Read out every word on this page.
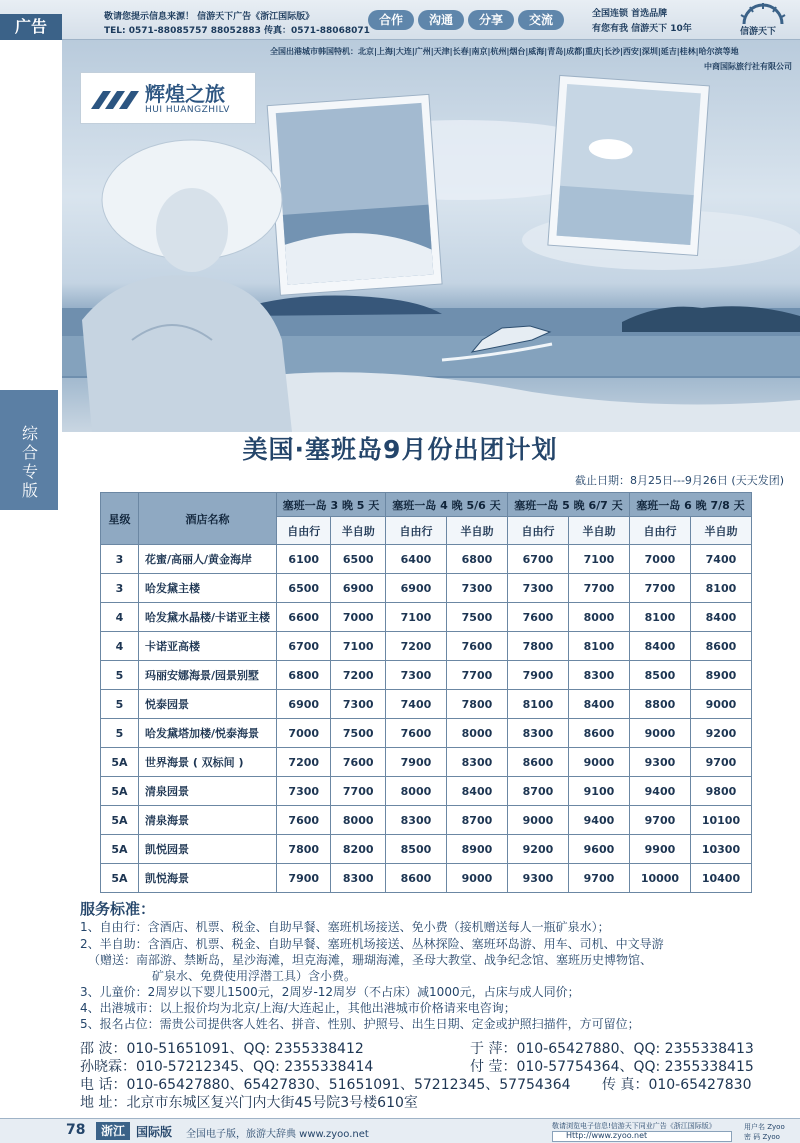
广告	敬请您提示信息来源！ 信游天下广告《浙江国际版》
TEL: 0571-88085757 88052883 传真：0571-88068071
合作	沟通	分享	交流	全国连锁 首选品牌
有您有我 信游天下 10年	信游天下
全国出港城市韩国特机：北京|上海|大连|广州|天津|长春|南京|杭州|烟台|威海|青岛|成都|重庆|长沙|西安|深圳|延吉|桂林|哈尔滨等地
中商国际旅行社有限公司
辉煌之旅
HUI HUANGZHILV
综合专版
美国·塞班岛9月份出团计划
截止日期：8月25日---9月26日 (天天发团)
星级	酒店名称	塞班一岛 3 晚 5 天		塞班一岛 4 晚 5/6 天		塞班一岛 5 晚 6/7 天		塞班一岛 6 晚 7/8 天	
		自由行	半自助	自由行	半自助	自由行	半自助	自由行	半自助
3	花蜜/高丽人/黄金海岸	6100	6500	6400	6800	6700	7100	7000	7400
3	哈发黛主楼	6500	6900	6900	7300	7300	7700	7700	8100
4	哈发黛水晶楼/卡诺亚主楼	6600	7000	7100	7500	7600	8000	8100	8400
4	卡诺亚高楼	6700	7100	7200	7600	7800	8100	8400	8600
5	玛丽安娜海景/园景别墅	6800	7200	7300	7700	7900	8300	8500	8900
5	悦泰园景	6900	7300	7400	7800	8100	8400	8800	9000
5	哈发黛塔加楼/悦泰海景	7000	7500	7600	8000	8300	8600	9000	9200
5A	世界海景 ( 双标间 )	7200	7600	7900	8300	8600	9000	9300	9700
5A	清泉园景	7300	7700	8000	8400	8700	9100	9400	9800
5A	清泉海景	7600	8000	8300	8700	9000	9400	9700	10100
5A	凯悦园景	7800	8200	8500	8900	9200	9600	9900	10300
5A	凯悦海景	7900	8300	8600	9000	9300	9700	10000	10400
服务标准：
1、自由行：含酒店、机票、税金、自助早餐、塞班机场接送、免小费（接机赠送每人一瓶矿泉水）；
2、半自助：含酒店、机票、税金、自助早餐、塞班机场接送、丛林探险、塞班环岛游、用车、司机、中文导游
（赠送：南部游、禁断岛，星沙海滩，坦克海滩，珊瑚海滩，圣母大教堂、战争纪念馆、塞班历史博物馆、
矿泉水、免费使用浮潜工具）含小费。
3、儿童价：2周岁以下婴儿1500元，2周岁-12周岁（不占床）减1000元，占床与成人同价；
4、出港城市：以上报价均为北京/上海/大连起止，其他出港城市价格请来电咨询；
5、报名占位：需贵公司提供客人姓名、拼音、性别、护照号、出生日期、定金或护照扫描件，方可留位；
邵 波：010-51651091、QQ: 2355338412	于 萍：010-65427880、QQ: 2355338413
孙晓霖：010-57212345、QQ: 2355338414	付 莹：010-57754364、QQ: 2355338415
电 话：010-65427880、65427830、51651091、57212345、57754364 传 真：010-65427830
地 址：北京市东城区复兴门内大街45号院3号楼610室
78	浙江 国际版 全国电子版，旅游大辞典 www.zyoo.net
敬请浏览电子信息!信游天下同业广告《浙江国际版》
Http://www.zyoo.net
用户名 Zyoo
密 码 Zyoo
